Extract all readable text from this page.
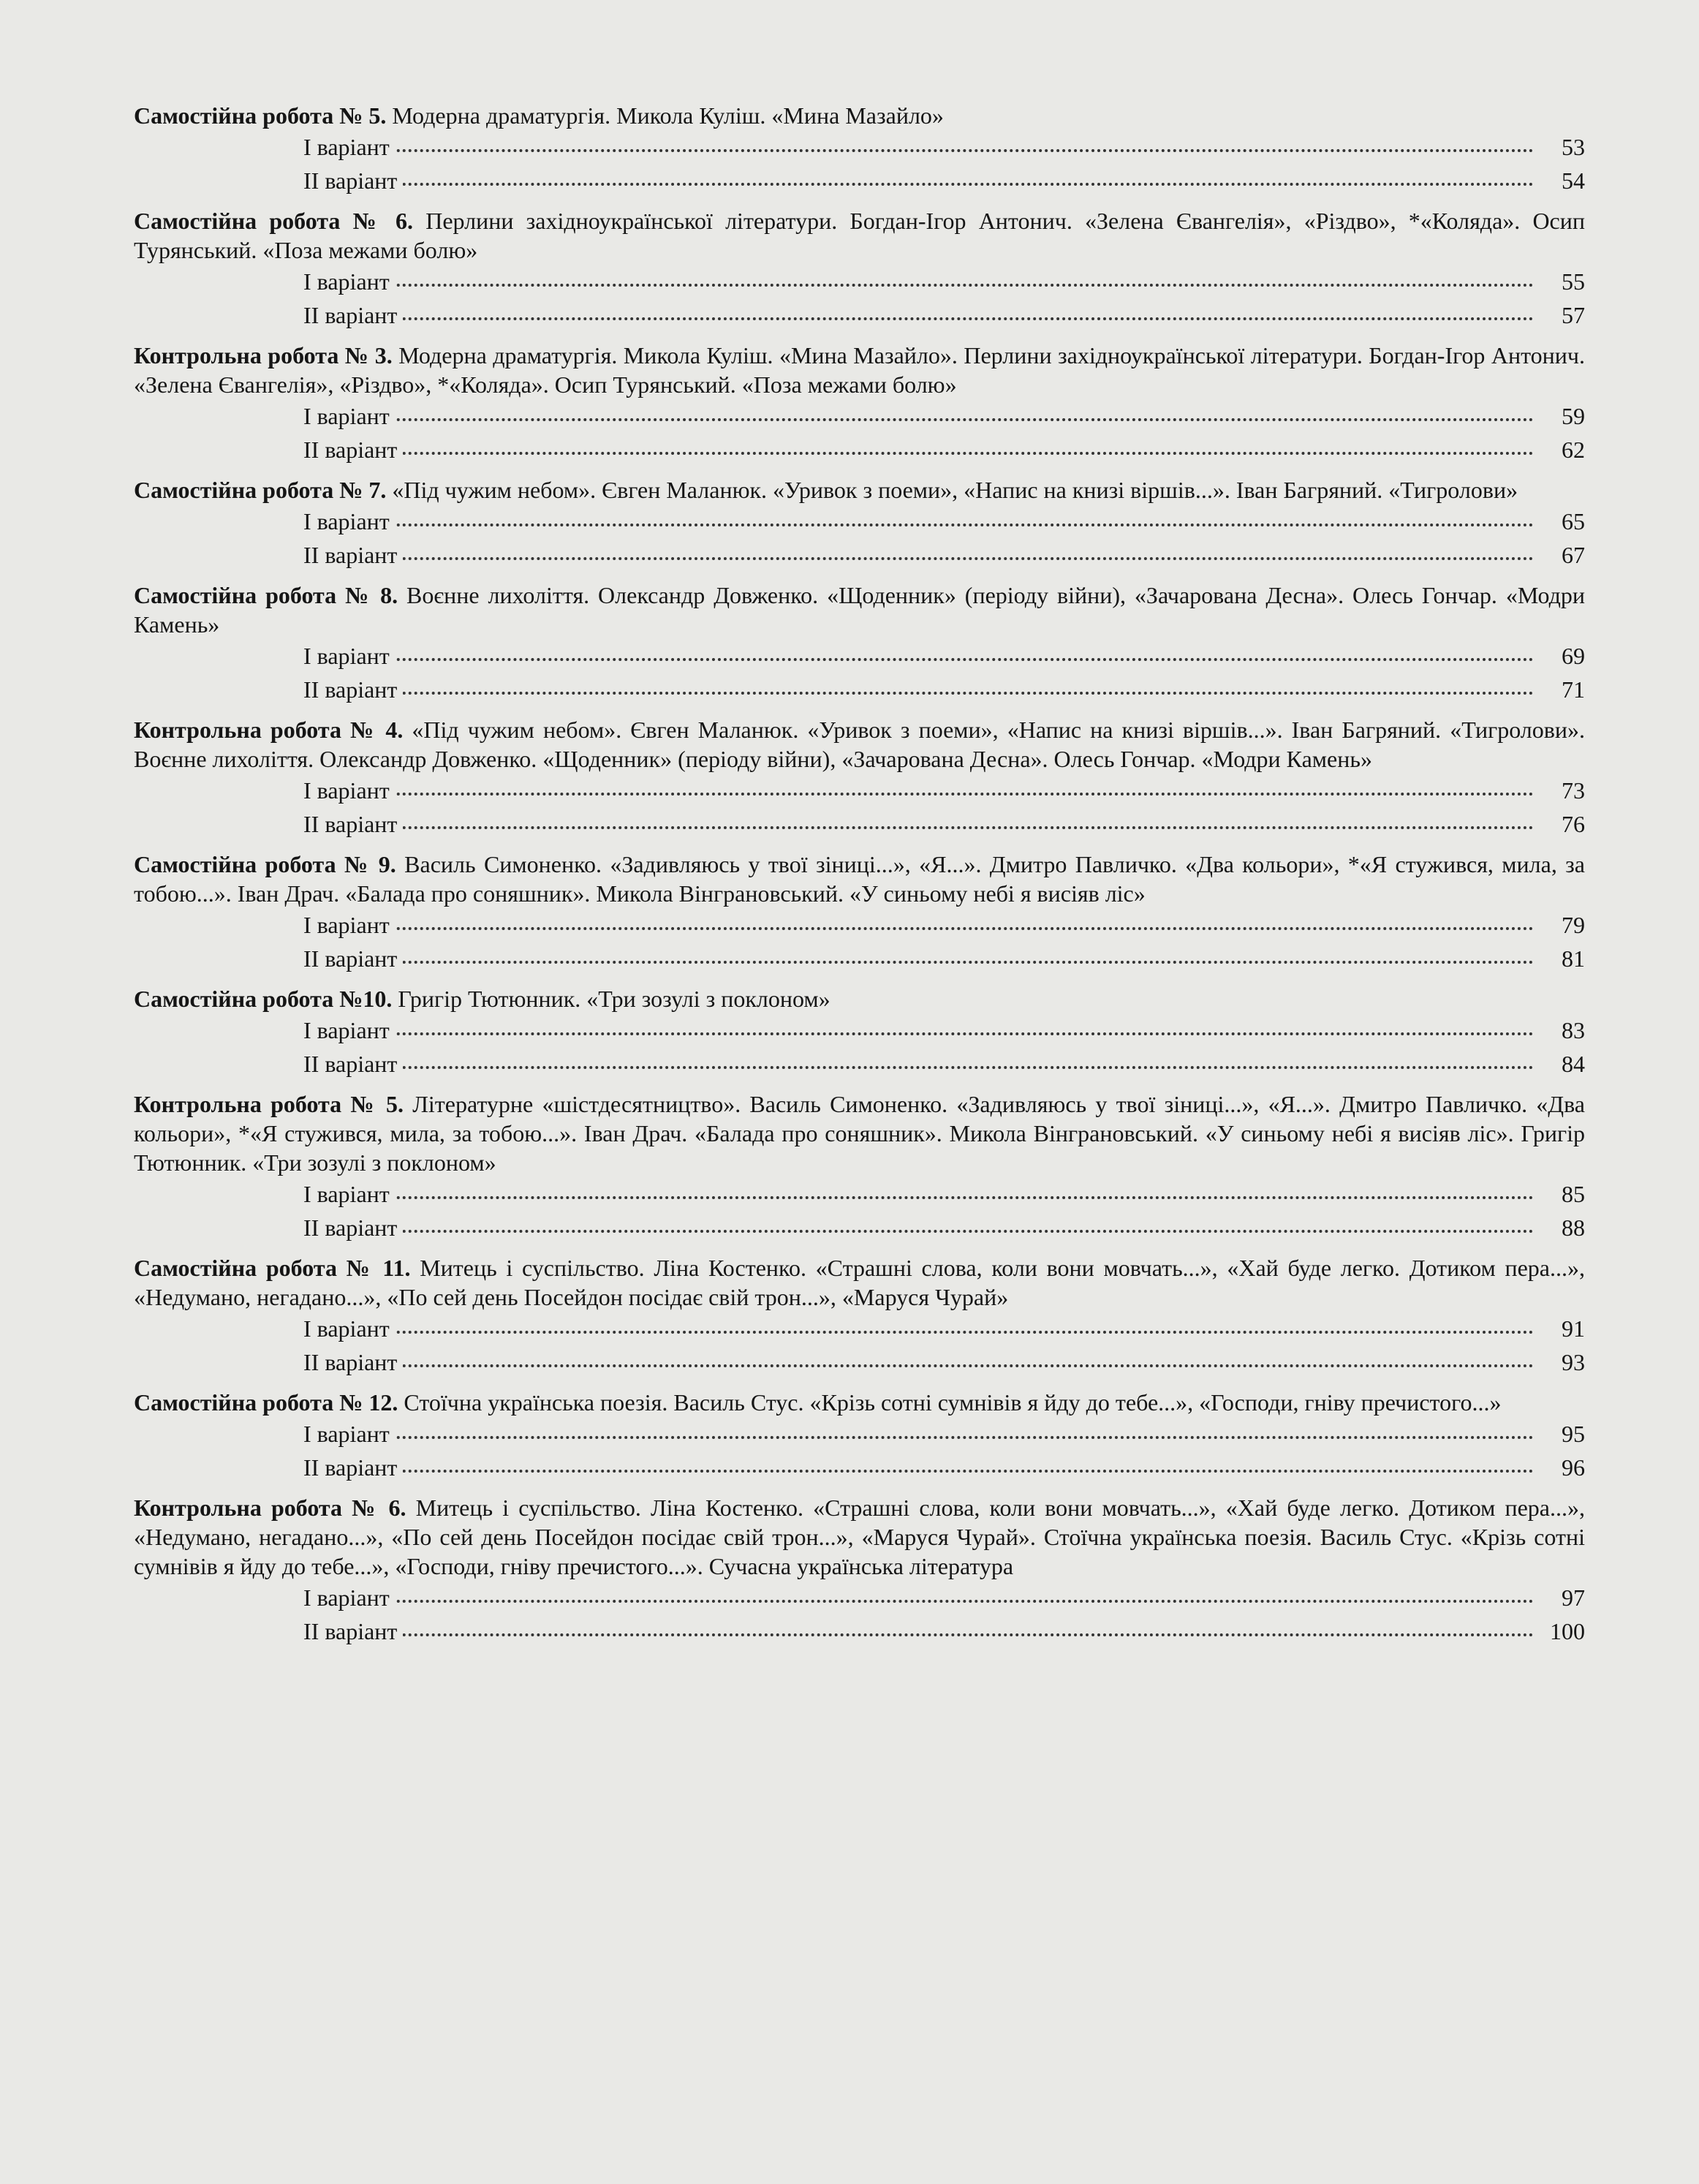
Самостійна робота № 5. Модерна драматургія. Микола Куліш. «Мина Мазайло»

І варіант	53
ІІ варіант	54

Самостійна робота № 6. Перлини західноукраїнської літератури. Богдан-Ігор Антонич. «Зелена Євангелія», «Різдво», *«Коляда». Осип Турянський. «Поза межами болю»

І варіант	55
ІІ варіант	57

Контрольна робота № 3. Модерна драматургія. Микола Куліш. «Мина Мазайло». Перлини західноукраїнської літератури. Богдан-Ігор Антонич. «Зелена Євангелія», «Різдво», *«Коляда». Осип Турянський. «Поза межами болю»

І варіант	59
ІІ варіант	62

Самостійна робота № 7. «Під чужим небом». Євген Маланюк. «Уривок з поеми», «Напис на книзі віршів...». Іван Багряний. «Тигролови»

І варіант	65
ІІ варіант	67

Самостійна робота № 8. Воєнне лихоліття. Олександр Довженко. «Щоденник» (періоду війни), «Зачарована Десна». Олесь Гончар. «Модри Камень»

І варіант	69
ІІ варіант	71

Контрольна робота № 4. «Під чужим небом». Євген Маланюк. «Уривок з поеми», «Напис на книзі віршів...». Іван Багряний. «Тигролови». Воєнне лихоліття. Олександр Довженко. «Щоденник» (періоду війни), «Зачарована Десна». Олесь Гончар. «Модри Камень»

І варіант	73
ІІ варіант	76

Самостійна робота № 9. Василь Симоненко. «Задивляюсь у твої зіниці...», «Я...». Дмитро Павличко. «Два кольори», *«Я стужився, мила, за тобою...». Іван Драч. «Балада про соняшник». Микола Вінграновський. «У синьому небі я висіяв ліс»

І варіант	79
ІІ варіант	81

Самостійна робота №10. Григір Тютюнник. «Три зозулі з поклоном»

І варіант	83
ІІ варіант	84

Контрольна робота № 5. Літературне «шістдесятництво». Василь Симоненко. «Задивляюсь у твої зіниці...», «Я...». Дмитро Павличко. «Два кольори», *«Я стужився, мила, за тобою...». Іван Драч. «Балада про соняшник». Микола Вінграновський. «У синьому небі я висіяв ліс». Григір Тютюнник. «Три зозулі з поклоном»

І варіант	85
ІІ варіант	88

Самостійна робота № 11. Митець і суспільство. Ліна Костенко. «Страшні слова, коли вони мовчать...», «Хай буде легко. Дотиком пера...», «Недумано, негадано...», «По сей день Посейдон посідає свій трон...», «Маруся Чурай»

І варіант	91
ІІ варіант	93

Самостійна робота № 12. Стоїчна українська поезія. Василь Стус. «Крізь сотні сумнівів я йду до тебе...», «Господи, гніву пречистого...»

І варіант	95
ІІ варіант	96

Контрольна робота № 6. Митець і суспільство. Ліна Костенко. «Страшні слова, коли вони мовчать...», «Хай буде легко. Дотиком пера...», «Недумано, негадано...», «По сей день Посейдон посідає свій трон...», «Маруся Чурай». Стоїчна українська поезія. Василь Стус. «Крізь сотні сумнівів я йду до тебе...», «Господи, гніву пречистого...». Сучасна українська література

І варіант	97
ІІ варіант	100
